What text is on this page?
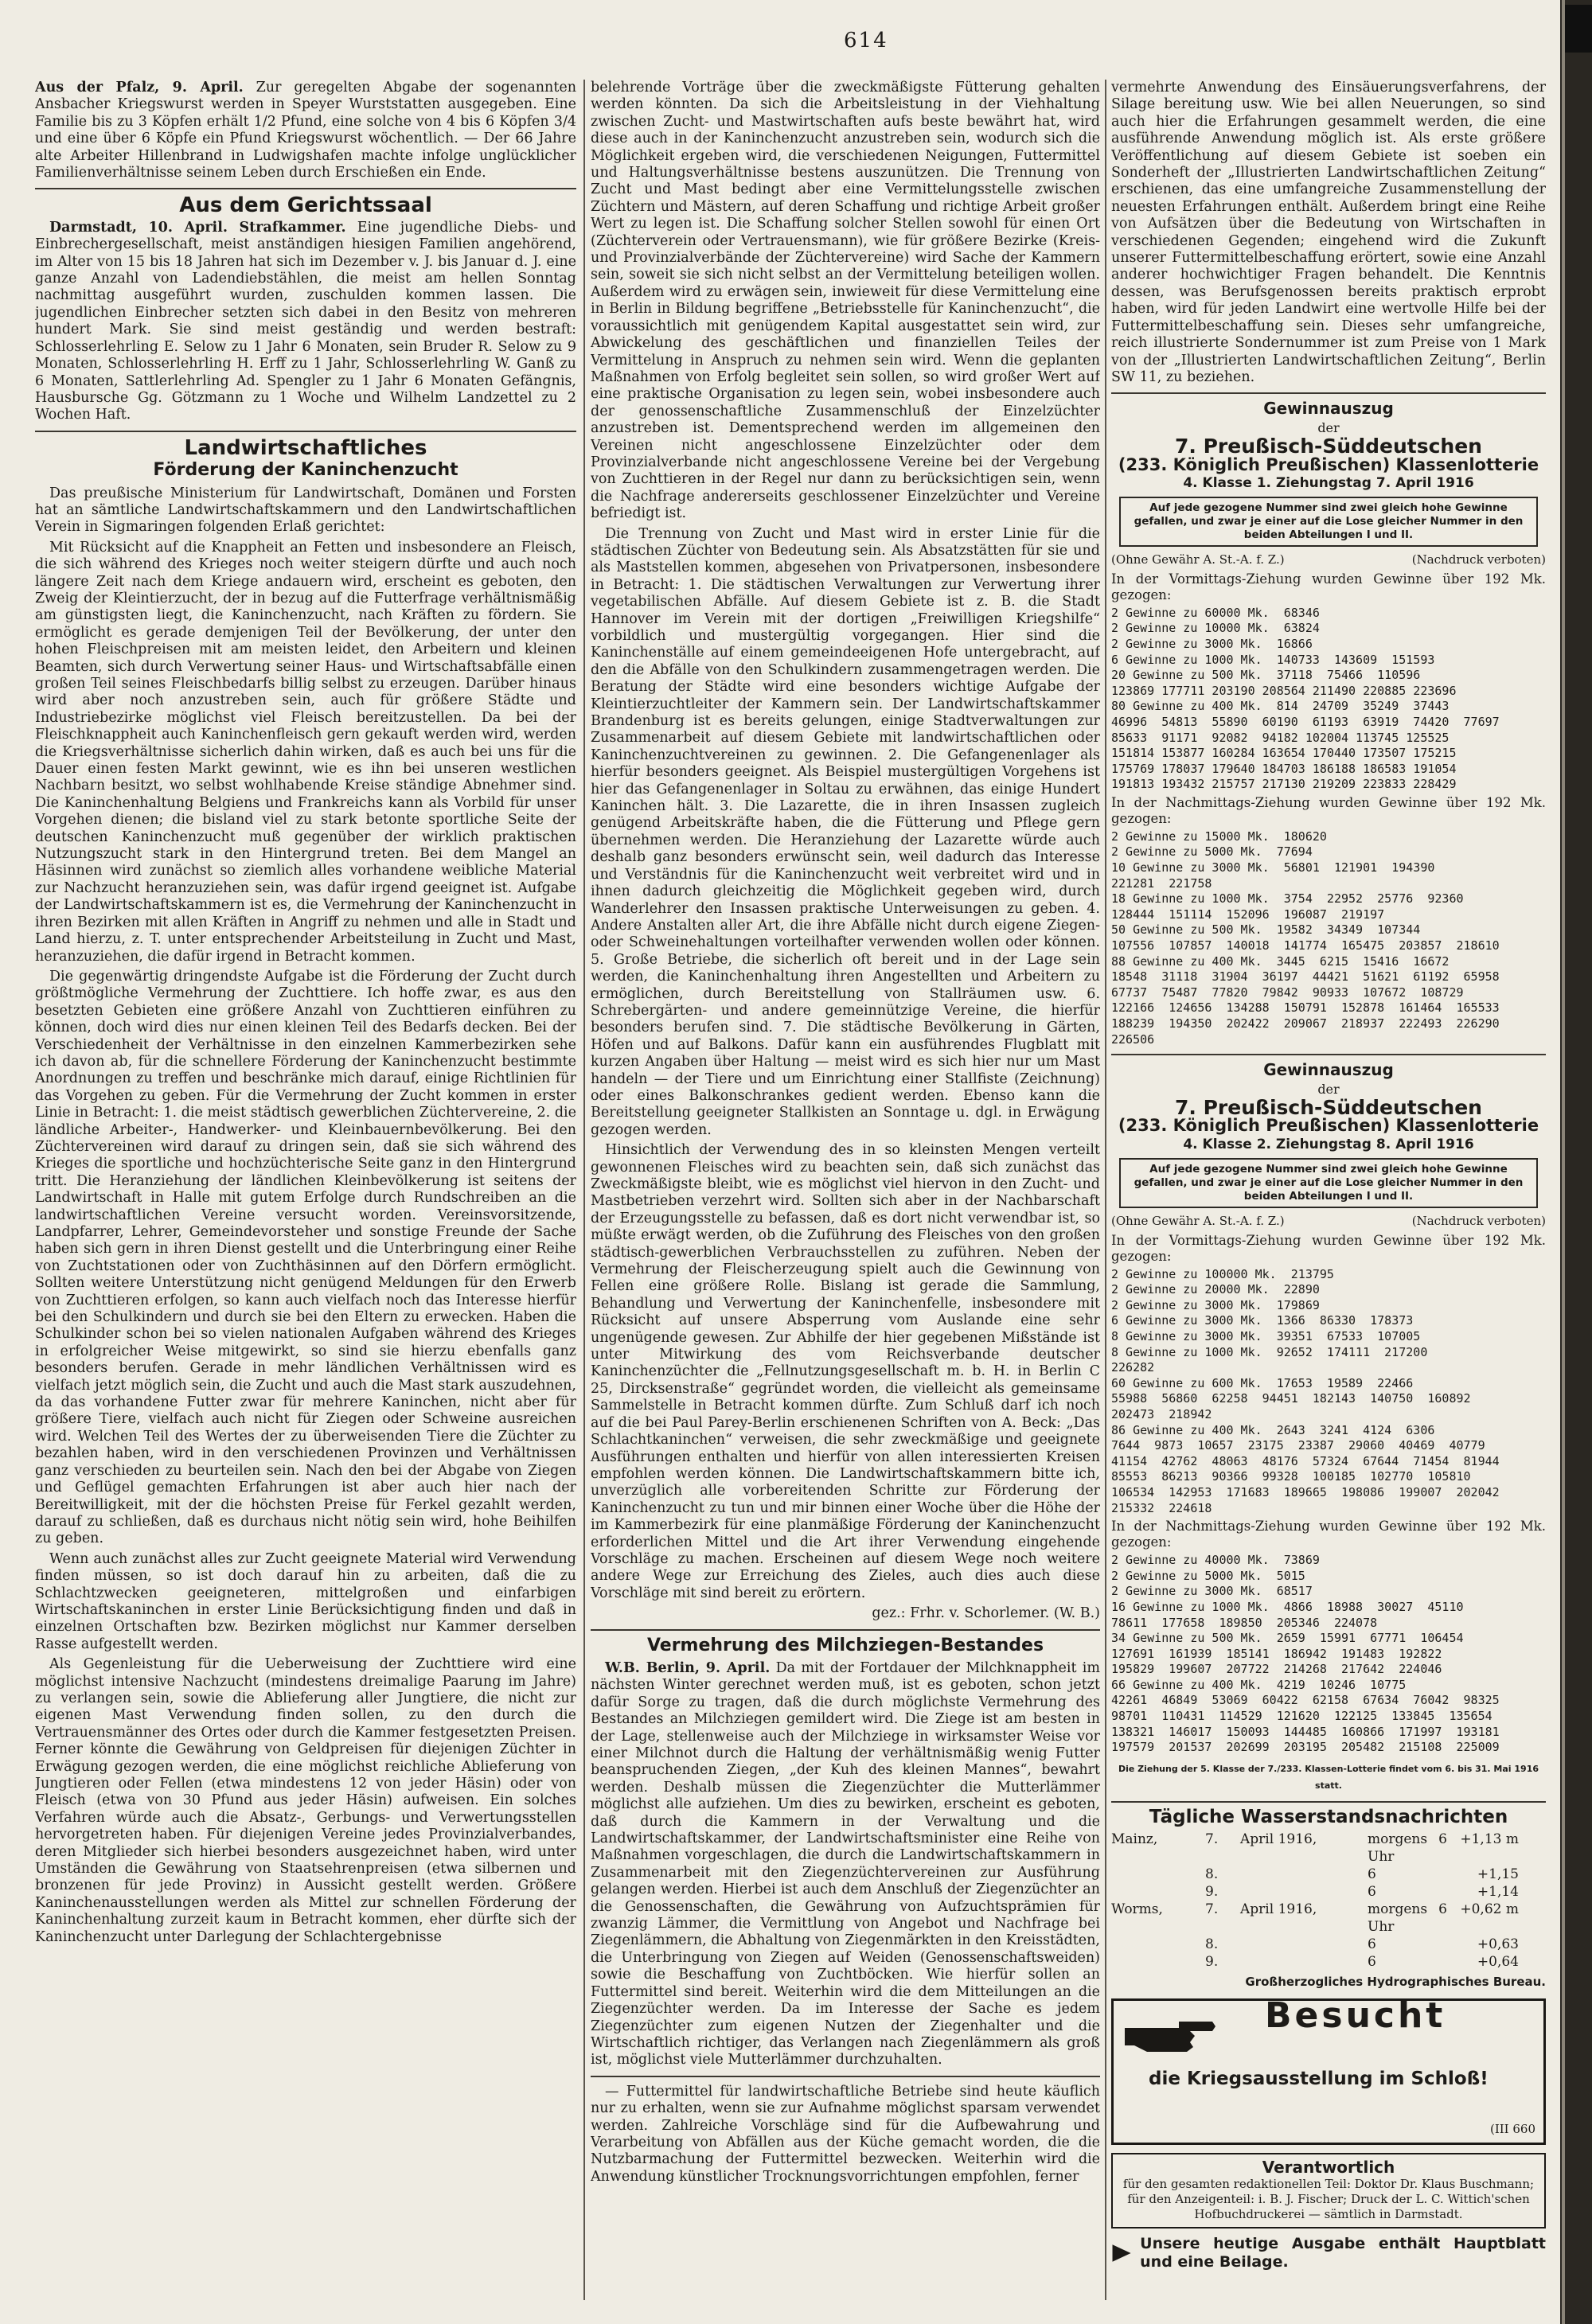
614

Aus der Pfalz, 9. April. Zur geregelten Abgabe der sogenannten Ansbacher Kriegswurst werden in Speyer Wurststatten ausgegeben. Eine Familie bis zu 3 Köpfen erhält 1/2 Pfund, eine solche von 4 bis 6 Köpfen 3/4 und eine über 6 Köpfe ein Pfund Kriegswurst wöchentlich. — Der 66 Jahre alte Arbeiter Hillenbrand in Ludwigshafen machte infolge unglücklicher Familienverhältnisse seinem Leben durch Erschießen ein Ende.

Aus dem Gerichtssaal

Darmstadt, 10. April. Strafkammer. Eine jugendliche Diebs- und Einbrechergesellschaft, meist anständigen hiesigen Familien angehörend, im Alter von 15 bis 18 Jahren hat sich im Dezember v. J. bis Januar d. J. eine ganze Anzahl von Ladendiebstählen, die meist am hellen Sonntag nachmittag ausgeführt wurden, zuschulden kommen lassen. Die jugendlichen Einbrecher setzten sich dabei in den Besitz von mehreren hundert Mark. Sie sind meist geständig und werden bestraft: Schlosserlehrling E. Selow zu 1 Jahr 6 Monaten, sein Bruder R. Selow zu 9 Monaten, Schlosserlehrling H. Erff zu 1 Jahr, Schlosserlehrling W. Ganß zu 6 Monaten, Sattlerlehrling Ad. Spengler zu 1 Jahr 6 Monaten Gefängnis, Hausbursche Gg. Götzmann zu 1 Woche und Wilhelm Landzettel zu 2 Wochen Haft.

Landwirtschaftliches
Förderung der Kaninchenzucht

Das preußische Ministerium für Landwirtschaft, Domänen und Forsten hat an sämtliche Landwirtschaftskammern und den Landwirtschaftlichen Verein in Sigmaringen folgenden Erlaß gerichtet:

Mit Rücksicht auf die Knappheit an Fetten und insbesondere an Fleisch, die sich während des Krieges noch weiter steigern dürfte und auch noch längere Zeit nach dem Kriege andauern wird, erscheint es geboten, den Zweig der Kleintierzucht, der in bezug auf die Futterfrage verhältnismäßig am günstigsten liegt, die Kaninchenzucht, nach Kräften zu fördern. Sie ermöglicht es gerade demjenigen Teil der Bevölkerung, der unter den hohen Fleischpreisen mit am meisten leidet, den Arbeitern und kleinen Beamten, sich durch Verwertung seiner Haus- und Wirtschaftsabfälle einen großen Teil seines Fleischbedarfs billig selbst zu erzeugen. Darüber hinaus wird aber noch anzustreben sein, auch für größere Städte und Industriebezirke möglichst viel Fleisch bereitzustellen. Da bei der Fleischknappheit auch Kaninchenfleisch gern gekauft werden wird, werden die Kriegsverhältnisse sicherlich dahin wirken, daß es auch bei uns für die Dauer einen festen Markt gewinnt, wie es ihn bei unseren westlichen Nachbarn besitzt, wo selbst wohlhabende Kreise ständige Abnehmer sind. Die Kaninchenhaltung Belgiens und Frankreichs kann als Vorbild für unser Vorgehen dienen; die bisland viel zu stark betonte sportliche Seite der deutschen Kaninchenzucht muß gegenüber der wirklich praktischen Nutzungszucht stark in den Hintergrund treten. Bei dem Mangel an Häsinnen wird zunächst so ziemlich alles vorhandene weibliche Material zur Nachzucht heranzuziehen sein, was dafür irgend geeignet ist. Aufgabe der Landwirtschaftskammern ist es, die Vermehrung der Kaninchenzucht in ihren Bezirken mit allen Kräften in Angriff zu nehmen und alle in Stadt und Land hierzu, z. T. unter entsprechender Arbeitsteilung in Zucht und Mast, heranzuziehen, die dafür irgend in Betracht kommen.

Die gegenwärtig dringendste Aufgabe ist die Förderung der Zucht durch größtmögliche Vermehrung der Zuchttiere. Ich hoffe zwar, es aus den besetzten Gebieten eine größere Anzahl von Zuchttieren einführen zu können, doch wird dies nur einen kleinen Teil des Bedarfs decken. Bei der Verschiedenheit der Verhältnisse in den einzelnen Kammerbezirken sehe ich davon ab, für die schnellere Förderung der Kaninchenzucht bestimmte Anordnungen zu treffen und beschränke mich darauf, einige Richtlinien für das Vorgehen zu geben. Für die Vermehrung der Zucht kommen in erster Linie in Betracht: 1. die meist städtisch gewerblichen Züchtervereine, 2. die ländliche Arbeiter-, Handwerker- und Kleinbauernbevölkerung. Bei den Züchtervereinen wird darauf zu dringen sein, daß sie sich während des Krieges die sportliche und hochzüchterische Seite ganz in den Hintergrund tritt. Die Heranziehung der ländlichen Kleinbevölkerung ist seitens der Landwirtschaft in Halle mit gutem Erfolge durch Rundschreiben an die landwirtschaftlichen Vereine versucht worden. Vereinsvorsitzende, Landpfarrer, Lehrer, Gemeindevorsteher und sonstige Freunde der Sache haben sich gern in ihren Dienst gestellt und die Unterbringung einer Reihe von Zuchtstationen oder von Zuchthäsinnen auf den Dörfern ermöglicht. Sollten weitere Unterstützung nicht genügend Meldungen für den Erwerb von Zuchttieren erfolgen, so kann auch vielfach noch das Interesse hierfür bei den Schulkindern und durch sie bei den Eltern zu erwecken. Haben die Schulkinder schon bei so vielen nationalen Aufgaben während des Krieges in erfolgreicher Weise mitgewirkt, so sind sie hierzu ebenfalls ganz besonders berufen. Gerade in mehr ländlichen Verhältnissen wird es vielfach jetzt möglich sein, die Zucht und auch die Mast stark auszudehnen, da das vorhandene Futter zwar für mehrere Kaninchen, nicht aber für größere Tiere, vielfach auch nicht für Ziegen oder Schweine ausreichen wird. Welchen Teil des Wertes der zu überweisenden Tiere die Züchter zu bezahlen haben, wird in den verschiedenen Provinzen und Verhältnissen ganz verschieden zu beurteilen sein. Nach den bei der Abgabe von Ziegen und Geflügel gemachten Erfahrungen ist aber auch hier nach der Bereitwilligkeit, mit der die höchsten Preise für Ferkel gezahlt werden, darauf zu schließen, daß es durchaus nicht nötig sein wird, hohe Beihilfen zu geben.

Wenn auch zunächst alles zur Zucht geeignete Material wird Verwendung finden müssen, so ist doch darauf hin zu arbeiten, daß die zu Schlachtzwecken geeigneteren, mittelgroßen und einfarbigen Wirtschaftskaninchen in erster Linie Berücksichtigung finden und daß in einzelnen Ortschaften bzw. Bezirken möglichst nur Kammer derselben Rasse aufgestellt werden.

Als Gegenleistung für die Ueberweisung der Zuchttiere wird eine möglichst intensive Nachzucht (mindestens dreimalige Paarung im Jahre) zu verlangen sein, sowie die Ablieferung aller Jungtiere, die nicht zur eigenen Mast Verwendung finden sollen, zu den durch die Vertrauensmänner des Ortes oder durch die Kammer festgesetzten Preisen. Ferner könnte die Gewährung von Geldpreisen für diejenigen Züchter in Erwägung gezogen werden, die eine möglichst reichliche Ablieferung von Jungtieren oder Fellen (etwa mindestens 12 von jeder Häsin) oder von Fleisch (etwa von 30 Pfund aus jeder Häsin) aufweisen. Ein solches Verfahren würde auch die Absatz-, Gerbungs- und Verwertungsstellen hervorgetreten haben. Für diejenigen Vereine jedes Provinzialverbandes, deren Mitglieder sich hierbei besonders ausgezeichnet haben, wird unter Umständen die Gewährung von Staatsehrenpreisen (etwa silbernen und bronzenen für jede Provinz) in Aussicht gestellt werden. Größere Kaninchenausstellungen werden als Mittel zur schnellen Förderung der Kaninchenhaltung zurzeit kaum in Betracht kommen, eher dürfte sich der Kaninchenzucht unter Darlegung der Schlachtergebnisse

belehrende Vorträge über die zweckmäßigste Fütterung gehalten werden könnten. Da sich die Arbeitsleistung in der Viehhaltung zwischen Zucht- und Mastwirtschaften aufs beste bewährt hat, wird diese auch in der Kaninchenzucht anzustreben sein, wodurch sich die Möglichkeit ergeben wird, die verschiedenen Neigungen, Futtermittel und Haltungsverhältnisse bestens auszunützen. Die Trennung von Zucht und Mast bedingt aber eine Vermittelungsstelle zwischen Züchtern und Mästern, auf deren Schaffung und richtige Arbeit großer Wert zu legen ist. Die Schaffung solcher Stellen sowohl für einen Ort (Züchterverein oder Vertrauensmann), wie für größere Bezirke (Kreis- und Provinzialverbände der Züchtervereine) wird Sache der Kammern sein, soweit sie sich nicht selbst an der Vermittelung beteiligen wollen. Außerdem wird zu erwägen sein, inwieweit für diese Vermittelung eine in Berlin in Bildung begriffene „Betriebsstelle für Kaninchenzucht“, die voraussichtlich mit genügendem Kapital ausgestattet sein wird, zur Abwickelung des geschäftlichen und finanziellen Teiles der Vermittelung in Anspruch zu nehmen sein wird. Wenn die geplanten Maßnahmen von Erfolg begleitet sein sollen, so wird großer Wert auf eine praktische Organisation zu legen sein, wobei insbesondere auch der genossenschaftliche Zusammenschluß der Einzelzüchter anzustreben ist. Dementsprechend werden im allgemeinen den Vereinen nicht angeschlossene Einzelzüchter oder dem Provinzialverbande nicht angeschlossene Vereine bei der Vergebung von Zuchttieren in der Regel nur dann zu berücksichtigen sein, wenn die Nachfrage andererseits geschlossener Einzelzüchter und Vereine befriedigt ist.

Die Trennung von Zucht und Mast wird in erster Linie für die städtischen Züchter von Bedeutung sein. Als Absatzstätten für sie und als Maststellen kommen, abgesehen von Privatpersonen, insbesondere in Betracht: 1. Die städtischen Verwaltungen zur Verwertung ihrer vegetabilischen Abfälle. Auf diesem Gebiete ist z. B. die Stadt Hannover im Verein mit der dortigen „Freiwilligen Kriegshilfe“ vorbildlich und mustergültig vorgegangen. Hier sind die Kaninchenställe auf einem gemeindeeigenen Hofe untergebracht, auf den die Abfälle von den Schulkindern zusammengetragen werden. Die Beratung der Städte wird eine besonders wichtige Aufgabe der Kleintierzuchtleiter der Kammern sein. Der Landwirtschaftskammer Brandenburg ist es bereits gelungen, einige Stadtverwaltungen zur Zusammenarbeit auf diesem Gebiete mit landwirtschaftlichen oder Kaninchenzuchtvereinen zu gewinnen. 2. Die Gefangenenlager als hierfür besonders geeignet. Als Beispiel mustergültigen Vorgehens ist hier das Gefangenenlager in Soltau zu erwähnen, das einige Hundert Kaninchen hält. 3. Die Lazarette, die in ihren Insassen zugleich genügend Arbeitskräfte haben, die die Fütterung und Pflege gern übernehmen werden. Die Heranziehung der Lazarette würde auch deshalb ganz besonders erwünscht sein, weil dadurch das Interesse und Verständnis für die Kaninchenzucht weit verbreitet wird und in ihnen dadurch gleichzeitig die Möglichkeit gegeben wird, durch Wanderlehrer den Insassen praktische Unterweisungen zu geben. 4. Andere Anstalten aller Art, die ihre Abfälle nicht durch eigene Ziegen- oder Schweinehaltungen vorteilhafter verwenden wollen oder können. 5. Große Betriebe, die sicherlich oft bereit und in der Lage sein werden, die Kaninchenhaltung ihren Angestellten und Arbeitern zu ermöglichen, durch Bereitstellung von Stallräumen usw. 6. Schrebergärten- und andere gemeinnützige Vereine, die hierfür besonders berufen sind. 7. Die städtische Bevölkerung in Gärten, Höfen und auf Balkons. Dafür kann ein ausführendes Flugblatt mit kurzen Angaben über Haltung — meist wird es sich hier nur um Mast handeln — der Tiere und um Einrichtung einer Stallfiste (Zeichnung) oder eines Balkonschrankes gedient werden. Ebenso kann die Bereitstellung geeigneter Stallkisten an Sonntage u. dgl. in Erwägung gezogen werden.

Hinsichtlich der Verwendung des in so kleinsten Mengen verteilt gewonnenen Fleisches wird zu beachten sein, daß sich zunächst das Zweckmäßigste bleibt, wie es möglichst viel hiervon in den Zucht- und Mastbetrieben verzehrt wird. Sollten sich aber in der Nachbarschaft der Erzeugungsstelle zu befassen, daß es dort nicht verwendbar ist, so müßte erwägt werden, ob die Zuführung des Fleisches von den großen städtisch-gewerblichen Verbrauchsstellen zu zuführen. Neben der Vermehrung der Fleischerzeugung spielt auch die Gewinnung von Fellen eine größere Rolle. Bislang ist gerade die Sammlung, Behandlung und Verwertung der Kaninchenfelle, insbesondere mit Rücksicht auf unsere Absperrung vom Auslande eine sehr ungenügende gewesen. Zur Abhilfe der hier gegebenen Mißstände ist unter Mitwirkung des vom Reichsverbande deutscher Kaninchenzüchter die „Fellnutzungsgesellschaft m. b. H. in Berlin C 25, Dircksenstraße“ gegründet worden, die vielleicht als gemeinsame Sammelstelle in Betracht kommen dürfte. Zum Schluß darf ich noch auf die bei Paul Parey-Berlin erschienenen Schriften von A. Beck: „Das Schlachtkaninchen“ verweisen, die sehr zweckmäßige und geeignete Ausführungen enthalten und hierfür von allen interessierten Kreisen empfohlen werden können. Die Landwirtschaftskammern bitte ich, unverzüglich alle vorbereitenden Schritte zur Förderung der Kaninchenzucht zu tun und mir binnen einer Woche über die Höhe der im Kammerbezirk für eine planmäßige Förderung der Kaninchenzucht erforderlichen Mittel und die Art ihrer Verwendung eingehende Vorschläge zu machen. Erscheinen auf diesem Wege noch weitere andere Wege zur Erreichung des Zieles, auch dies auch diese Vorschläge mit sind bereit zu erörtern.

gez.: Frhr. v. Schorlemer. (W. B.)

Vermehrung des Milchziegen-Bestandes

W.B. Berlin, 9. April. Da mit der Fortdauer der Milchknappheit im nächsten Winter gerechnet werden muß, ist es geboten, schon jetzt dafür Sorge zu tragen, daß die durch möglichste Vermehrung des Bestandes an Milchziegen gemildert wird. Die Ziege ist am besten in der Lage, stellenweise auch der Milchziege in wirksamster Weise vor einer Milchnot durch die Haltung der verhältnismäßig wenig Futter beanspruchenden Ziegen, „der Kuh des kleinen Mannes“, bewahrt werden. Deshalb müssen die Ziegenzüchter die Mutterlämmer möglichst alle aufziehen. Um dies zu bewirken, erscheint es geboten, daß durch die Kammern in der Verwaltung und die Landwirtschaftskammer, der Landwirtschaftsminister eine Reihe von Maßnahmen vorgeschlagen, die durch die Landwirtschaftskammern in Zusammenarbeit mit den Ziegenzüchtervereinen zur Ausführung gelangen werden. Hierbei ist auch dem Anschluß der Ziegenzüchter an die Genossenschaften, die Gewährung von Aufzuchtsprämien für zwanzig Lämmer, die Vermittlung von Angebot und Nachfrage bei Ziegenlämmern, die Abhaltung von Ziegenmärkten in den Kreisstädten, die Unterbringung von Ziegen auf Weiden (Genossenschaftsweiden) sowie die Beschaffung von Zuchtböcken. Wie hierfür sollen an Futtermittel sind bereit. Weiterhin wird die dem Mitteilungen an die Ziegenzüchter werden. Da im Interesse der Sache es jedem Ziegenzüchter zum eigenen Nutzen der Ziegenhalter und die Wirtschaftlich richtiger, das Verlangen nach Ziegenlämmern als groß ist, möglichst viele Mutterlämmer durchzuhalten.

— Futtermittel für landwirtschaftliche Betriebe sind heute käuflich nur zu erhalten, wenn sie zur Aufnahme möglichst sparsam verwendet werden. Zahlreiche Vorschläge sind für die Aufbewahrung und Verarbeitung von Abfällen aus der Küche gemacht worden, die die Nutzbarmachung der Futtermittel bezwecken. Weiterhin wird die Anwendung künstlicher Trocknungsvorrichtungen empfohlen, ferner

vermehrte Anwendung des Einsäuerungsverfahrens, der Silage bereitung usw. Wie bei allen Neuerungen, so sind auch hier die Erfahrungen gesammelt werden, die eine ausführende Anwendung möglich ist. Als erste größere Veröffentlichung auf diesem Gebiete ist soeben ein Sonderheft der „Illustrierten Landwirtschaftlichen Zeitung“ erschienen, das eine umfangreiche Zusammenstellung der neuesten Erfahrungen enthält. Außerdem bringt eine Reihe von Aufsätzen über die Bedeutung von Wirtschaften in verschiedenen Gegenden; eingehend wird die Zukunft unserer Futtermittelbeschaffung erörtert, sowie eine Anzahl anderer hochwichtiger Fragen behandelt. Die Kenntnis dessen, was Berufsgenossen bereits praktisch erprobt haben, wird für jeden Landwirt eine wertvolle Hilfe bei der Futtermittelbeschaffung sein. Dieses sehr umfangreiche, reich illustrierte Sondernummer ist zum Preise von 1 Mark von der „Illustrierten Landwirtschaftlichen Zeitung“, Berlin SW 11, zu beziehen.

Gewinnauszug
der
7. Preußisch-Süddeutschen
(233. Königlich Preußischen) Klassenlotterie
4. Klasse 1. Ziehungstag 7. April 1916
Auf jede gezogene Nummer sind zwei gleich hohe Gewinne gefallen, und zwar je einer auf die Lose gleicher Nummer in den beiden Abteilungen I und II.
(Ohne Gewähr A. St.-A. f. Z.)	(Nachdruck verboten)

In der Vormittags-Ziehung wurden Gewinne über 192 Mk. gezogen:

2 Gewinne zu 60000 Mk.  68346
2 Gewinne zu 10000 Mk.  63824
2 Gewinne zu 3000 Mk.  16866
6 Gewinne zu 1000 Mk.  140733  143609  151593
20 Gewinne zu 500 Mk.  37118  75466  110596
123869 177711 203190 208564 211490 220885 223696
80 Gewinne zu 400 Mk.  814  24709  35249  37443
46996  54813  55890  60190  61193  63919  74420  77697
85633  91171  92082  94182 102004 113745 125525
151814 153877 160284 163654 170440 173507 175215
175769 178037 179640 184703 186188 186583 191054
191813 193432 215757 217130 219209 223833 228429

In der Nachmittags-Ziehung wurden Gewinne über 192 Mk. gezogen:

2 Gewinne zu 15000 Mk.  180620
2 Gewinne zu 5000 Mk.  77694
10 Gewinne zu 3000 Mk.  56801  121901  194390
221281  221758
18 Gewinne zu 1000 Mk.  3754  22952  25776  92360
128444  151114  152096  196087  219197
50 Gewinne zu 500 Mk.  19582  34349  107344
107556  107857  140018  141774  165475  203857  218610
88 Gewinne zu 400 Mk.  3445  6215  15416  16672
18548  31118  31904  36197  44421  51621  61192  65958
67737  75487  77820  79842  90933  107672  108729
122166  124656  134288  150791  152878  161464  165533
188239  194350  202422  209067  218937  222493  226290
226506

Gewinnauszug
der
7. Preußisch-Süddeutschen
(233. Königlich Preußischen) Klassenlotterie
4. Klasse 2. Ziehungstag 8. April 1916
Auf jede gezogene Nummer sind zwei gleich hohe Gewinne gefallen, und zwar je einer auf die Lose gleicher Nummer in den beiden Abteilungen I und II.
(Ohne Gewähr A. St.-A. f. Z.)	(Nachdruck verboten)

In der Vormittags-Ziehung wurden Gewinne über 192 Mk. gezogen:

2 Gewinne zu 100000 Mk.  213795
2 Gewinne zu 20000 Mk.  22890
2 Gewinne zu 3000 Mk.  179869
6 Gewinne zu 3000 Mk.  1366  86330  178373
8 Gewinne zu 3000 Mk.  39351  67533  107005
8 Gewinne zu 1000 Mk.  92652  174111  217200
226282
60 Gewinne zu 600 Mk.  17653  19589  22466
55988  56860  62258  94451  182143  140750  160892
202473  218942
86 Gewinne zu 400 Mk.  2643  3241  4124  6306
7644  9873  10657  23175  23387  29060  40469  40779
41154  42762  48063  48176  57324  67644  71454  81944
85553  86213  90366  99328  100185  102770  105810
106534  142953  171683  189665  198086  199007  202042
215332  224618

In der Nachmittags-Ziehung wurden Gewinne über 192 Mk. gezogen:

2 Gewinne zu 40000 Mk.  73869
2 Gewinne zu 5000 Mk.  5015
2 Gewinne zu 3000 Mk.  68517
16 Gewinne zu 1000 Mk.  4866  18988  30027  45110
78611  177658  189850  205346  224078
34 Gewinne zu 500 Mk.  2659  15991  67771  106454
127691  161939  185141  186942  191483  192822
195829  199607  207722  214268  217642  224046
66 Gewinne zu 400 Mk.  4219  10246  10775
42261  46849  53069  60422  62158  67634  76042  98325
98701  110431  114529  121620  122125  133845  135654
138321  146017  150093  144485  160866  171997  193181
197579  201537  202699  203195  205482  215108  225009

Die Ziehung der 5. Klasse der 7./233. Klassen-Lotterie findet vom 6. bis 31. Mai 1916 statt.
Tägliche Wasserstandsnachrichten
Mainz,	7.	April 1916,	morgens 6 Uhr
+1,13 m
8.	6	+1,15
9.	6	+1,14
Worms,	7.	April 1916,	morgens 6 Uhr
+0,62 m
8.	6	+0,63
9.	6	+0,64
Großherzogliches Hydrographisches Bureau.
Besucht
die Kriegsausstellung im Schloß!
(III 660
Verantwortlich
für den gesamten redaktionellen Teil: Doktor Dr. Klaus Buschmann; für den Anzeigenteil: i. B. J. Fischer; Druck der L. C. Wittich'schen Hofbuchdruckerei — sämtlich in Darmstadt.
Unsere heutige Ausgabe enthält Hauptblatt und eine Beilage.
